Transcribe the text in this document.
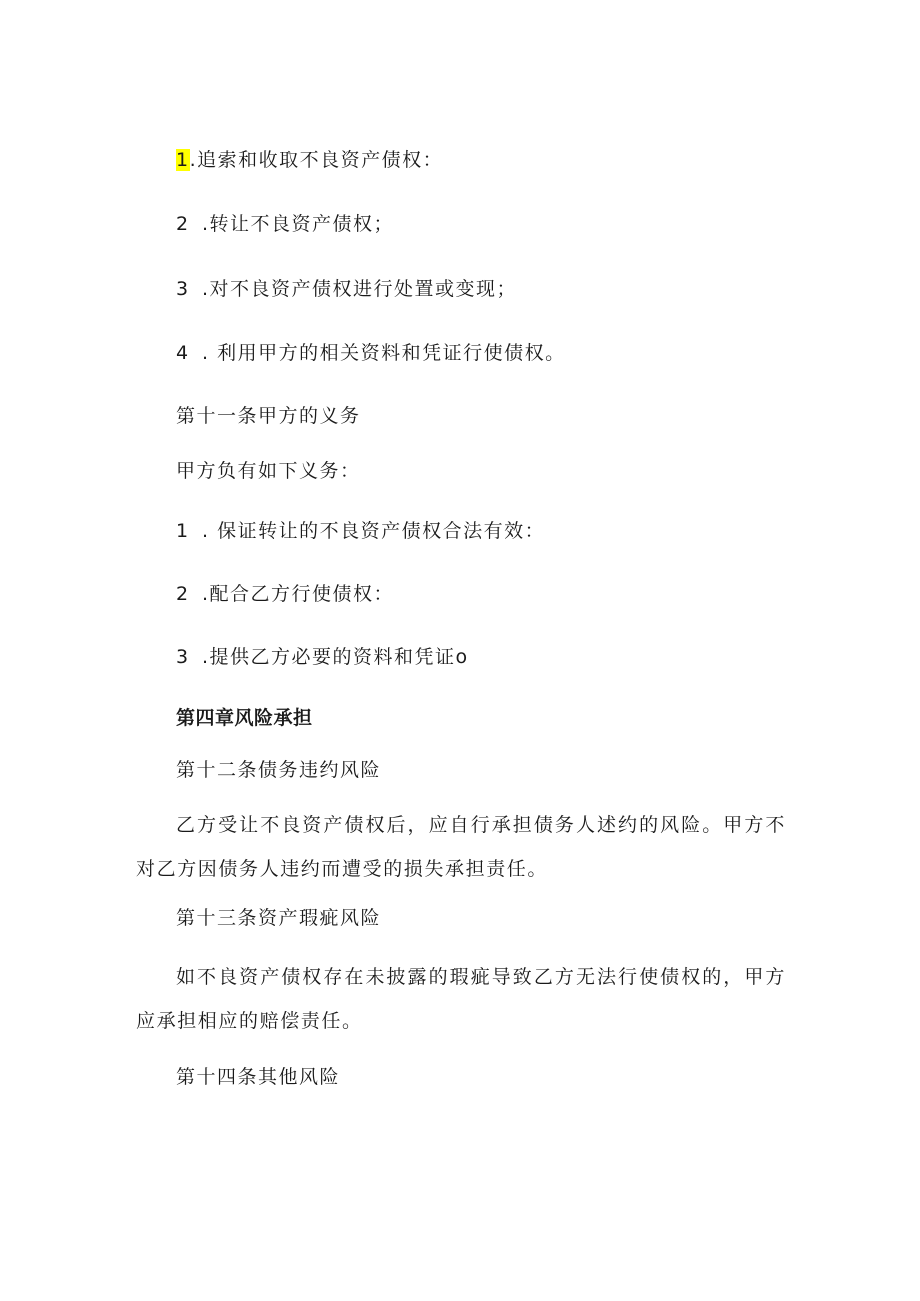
1.追索和收取不良资产债权：
2 .转让不良资产债权；
3 .对不良资产债权进行处置或变现；
4 . 利用甲方的相关资料和凭证行使债权。
第十一条甲方的义务
甲方负有如下义务：
1 . 保证转让的不良资产债权合法有效：
2 .配合乙方行使债权：
3 .提供乙方必要的资料和凭证o
第四章风险承担
第十二条债务违约风险
乙方受让不良资产债权后，应自行承担债务人述约的风险。甲方不对乙方因债务人违约而遭受的损失承担责任。
第十三条资产瑕疵风险
如不良资产债权存在未披露的瑕疵导致乙方无法行使债权的，甲方应承担相应的赔偿责任。
第十四条其他风险
